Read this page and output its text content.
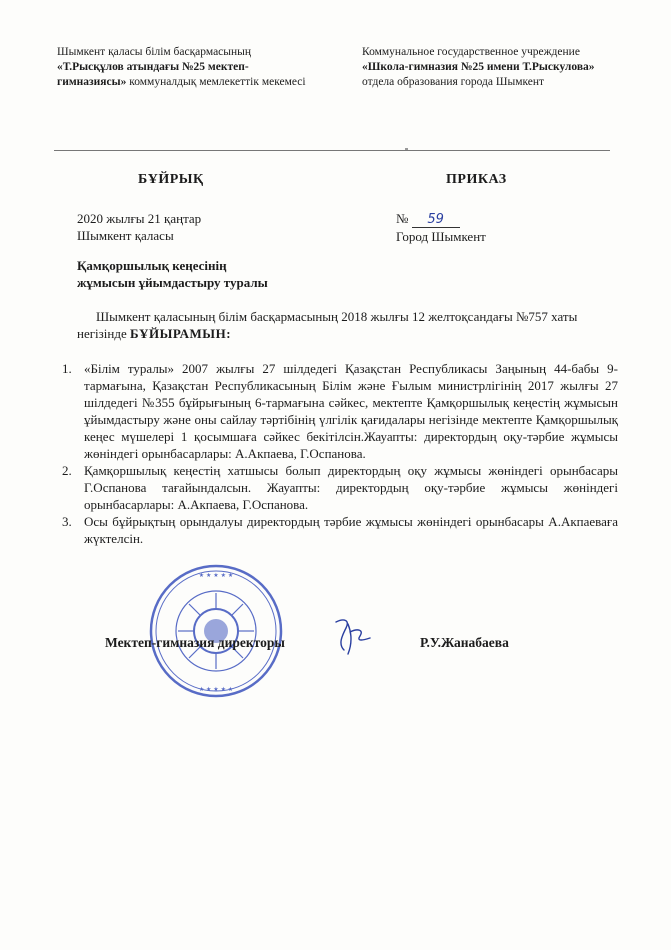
Шымкент қаласы білім басқармасының
«Т.Рысқұлов атындағы №25 мектеп-гимназиясы» коммуналдық мемлекеттік мекемесі
Коммунальное государственное учреждение «Школа-гимназия №25 имени Т.Рыскулова» отдела образования города Шымкент
БҰЙРЫҚ	ПРИКАЗ
2020 жылғы 21 қаңтар
Шымкент қаласы
№ 59
Город Шымкент
Қамқоршылық кеңесінің
жұмысын ұйымдастыру туралы
Шымкент қаласының білім басқармасының 2018 жылғы 12 желтоқсандағы №757 хаты негізінде БҰЙЫРАМЫН:
1. «Білім туралы» 2007 жылғы 27 шілдедегі Қазақстан Республикасы Заңының 44-бабы 9-тармағына, Қазақстан Республикасының Білім және Ғылым министрлігінің 2017 жылғы 27 шілдедегі №355 бұйрығының 6-тармағына сәйкес, мектепте Қамқоршылық кеңестің жұмысын ұйымдастыру және оны сайлау тәртібінің үлгілік қағидалары негізінде мектепте Қамқоршылық кеңес мүшелері 1 қосымшаға сәйкес бекітілсін.Жауапты: директордың оқу-тәрбие жұмысы жөніндегі орынбасарлары: А.Акпаева, Г.Оспанова.
2. Қамқоршылық кеңестің хатшысы болып директордың оқу жұмысы жөніндегі орынбасары Г.Оспанова тағайындалсын. Жауапты: директордың оқу-тәрбие жұмысы жөніндегі орынбасарлары: А.Акпаева, Г.Оспанова.
3. Осы бұйрықтың орындалуы директордың тәрбие жұмысы жөніндегі орынбасары А.Акпаеваға жүктелсін.
★ ★ ★ ★ ★
★ ★ ★ ★ ★
Мектеп-гимназия директоры	Р.У.Жанабаева
